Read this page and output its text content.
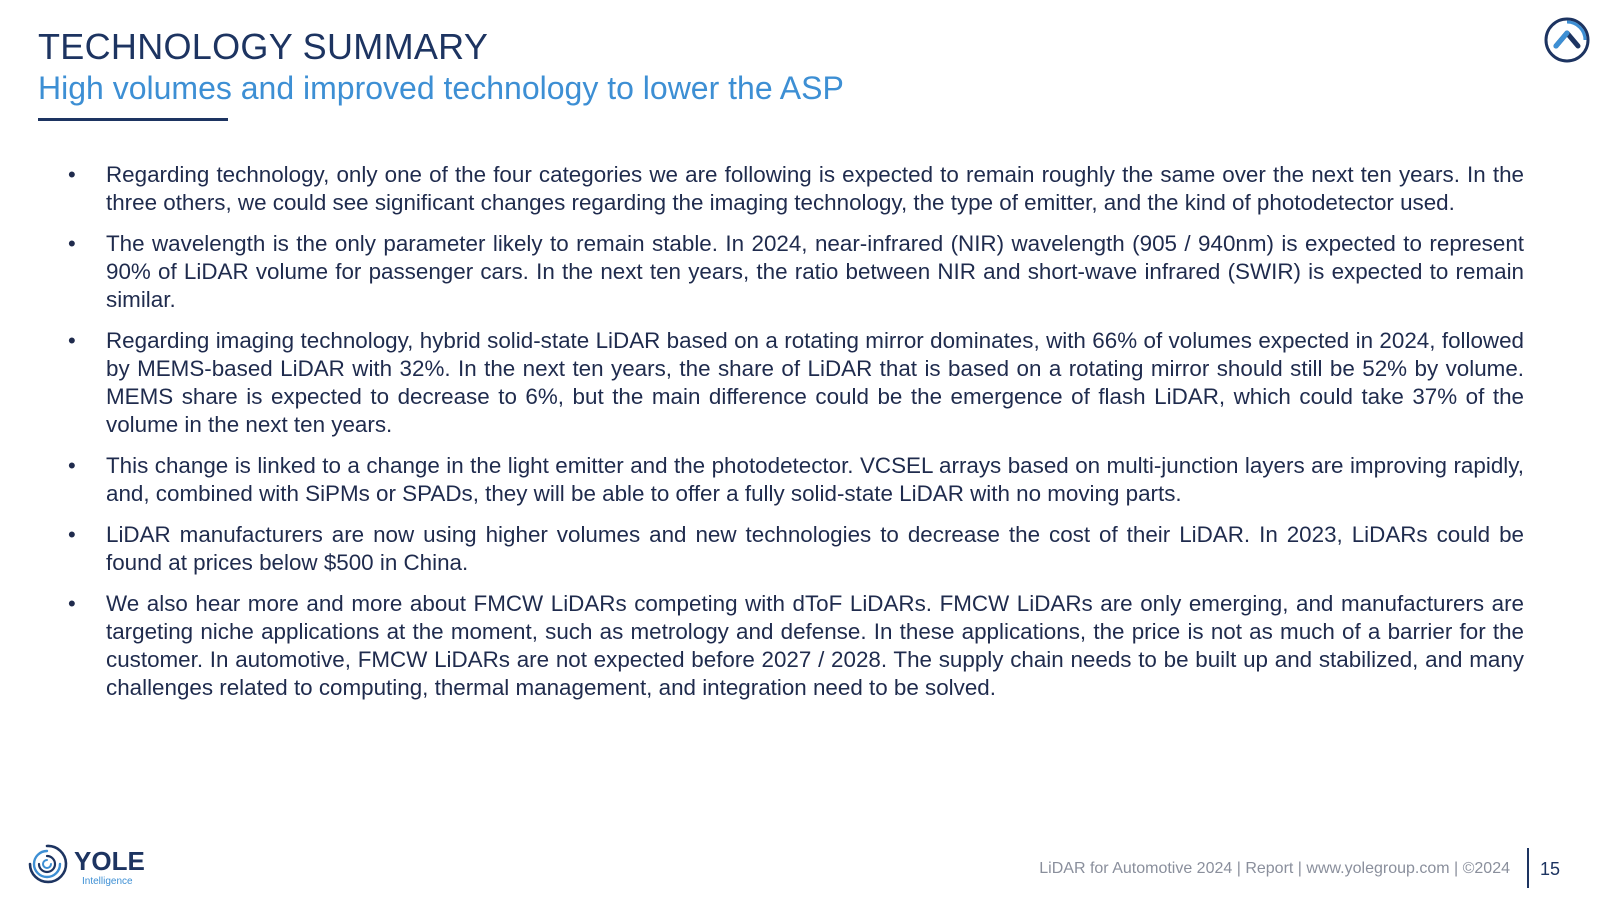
TECHNOLOGY SUMMARY
High volumes and improved technology to lower the ASP
• Regarding technology, only one of the four categories we are following is expected to remain roughly the same over the next ten years. In the three others, we could see significant changes regarding the imaging technology, the type of emitter, and the kind of photodetector used.
• The wavelength is the only parameter likely to remain stable. In 2024, near-infrared (NIR) wavelength (905 / 940nm) is expected to represent 90% of LiDAR volume for passenger cars. In the next ten years, the ratio between NIR and short-wave infrared (SWIR) is expected to remain similar.
• Regarding imaging technology, hybrid solid-state LiDAR based on a rotating mirror dominates, with 66% of volumes expected in 2024, followed by MEMS-based LiDAR with 32%. In the next ten years, the share of LiDAR that is based on a rotating mirror should still be 52% by volume. MEMS share is expected to decrease to 6%, but the main difference could be the emergence of flash LiDAR, which could take 37% of the volume in the next ten years.
• This change is linked to a change in the light emitter and the photodetector. VCSEL arrays based on multi-junction layers are improving rapidly, and, combined with SiPMs or SPADs, they will be able to offer a fully solid-state LiDAR with no moving parts.
• LiDAR manufacturers are now using higher volumes and new technologies to decrease the cost of their LiDAR. In 2023, LiDARs could be found at prices below $500 in China.
• We also hear more and more about FMCW LiDARs competing with dToF LiDARs. FMCW LiDARs are only emerging, and manufacturers are targeting niche applications at the moment, such as metrology and defense. In these applications, the price is not as much of a barrier for the customer. In automotive, FMCW LiDARs are not expected before 2027 / 2028. The supply chain needs to be built up and stabilized, and many challenges related to computing, thermal management, and integration need to be solved.
YOLE
Intelligence
LiDAR for Automotive 2024 | Report | www.yolegroup.com | ©2024 15
